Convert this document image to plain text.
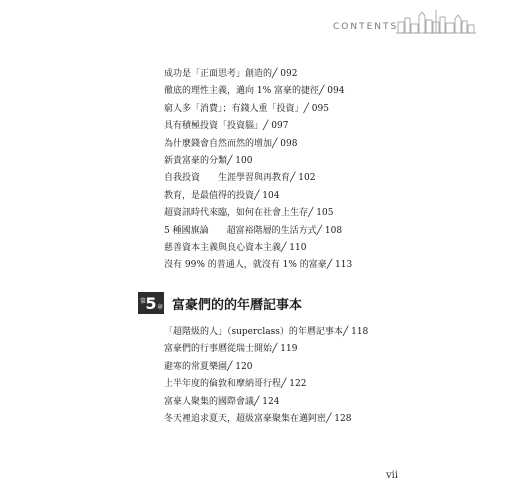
CONTENTS
成功是「正面思考」創造的╱ 092
徹底的理性主義，邁向 1% 富豪的捷徑╱ 094
窮人多「消費」；有錢人重「投資」╱ 095
具有積極投資「投資腦」╱ 097
為什麼錢會自然而然的增加╱ 098
新貴富豪的分類╱ 100
自我投資　　生涯學習與再教育╱ 102
教育，是最值得的投資╱ 104
超資訊時代來臨，如何在社會上生存╱ 105
5 種國旗論　　超富裕階層的生活方式╱ 108
慈善資本主義與良心資本主義╱ 110
沒有 99% 的普通人，就沒有 1% 的富豪╱ 113
第 5 章 富豪們的的年曆記事本
「超階級的人」（superclass）的年曆記事本╱ 118
富豪們的行事曆從瑞士開始╱ 119
避寒的常夏樂園╱ 120
上半年度的倫敦和摩納哥行程╱ 122
富豪人聚集的國際會議╱ 124
冬天裡追求夏天，超級富豪聚集在邁阿密╱ 128
vii
